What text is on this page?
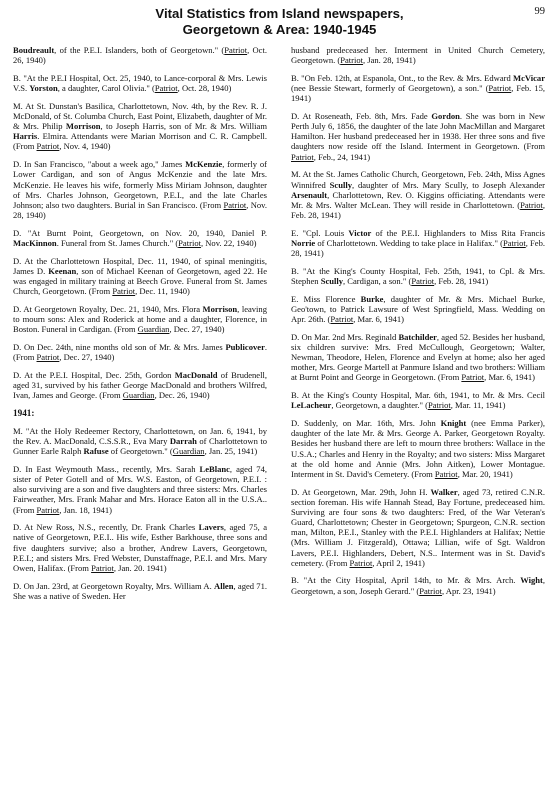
99
Vital Statistics from Island newspapers,
Georgetown & Area: 1940-1945

Boudreault, of the P.E.I. Islanders, both of Georgetown." (Patriot, Oct. 26, 1940)

B. "At the P.E.I Hospital, Oct. 25, 1940, to Lance-corporal & Mrs. Lewis V.S. Yorston, a daughter, Carol Olivia." (Patriot, Oct. 28, 1940)

M. At St. Dunstan's Basilica, Charlottetown, Nov. 4th, by the Rev. R. J. McDonald, of St. Columba Church, East Point, Elizabeth, daughter of Mr. & Mrs. Philip Morrison, to Joseph Harris, son of Mr. & Mrs. William Harris. Elmira. Attendants were Marian Morrison and C. R. Campbell. (From Patriot, Nov. 4, 1940)

D. In San Francisco, "about a week ago," James McKenzie, formerly of Lower Cardigan, and son of Angus McKenzie and the late Mrs. McKenzie. He leaves his wife, formerly Miss Miriam Johnson, daughter of Mrs. Charles Johnson, Georgetown, P.E.I., and the late Charles Johnson; also two daughters. Burial in San Francisco. (From Patriot, Nov. 28, 1940)

D. "At Burnt Point, Georgetown, on Nov. 20, 1940, Daniel P. MacKinnon. Funeral from St. James Church." (Patriot, Nov. 22, 1940)

D. At the Charlottetown Hospital, Dec. 11, 1940, of spinal meningitis, James D. Keenan, son of Michael Keenan of Georgetown, aged 22. He was engaged in military training at Beech Grove. Funeral from St. James Church, Georgetown. (From Patriot, Dec. 11, 1940)

D. At Georgetown Royalty, Dec. 21, 1940, Mrs. Flora Morrison, leaving to mourn sons: Alex and Roderick at home and a daughter, Florence, in Boston. Funeral in Cardigan. (From Guardian, Dec. 27, 1940)

D. On Dec. 24th, nine months old son of Mr. & Mrs. James Publicover. (From Patriot, Dec. 27, 1940)

D. At the P.E.I. Hospital, Dec. 25th, Gordon MacDonald of Brudenell, aged 31, survived by his father George MacDonald and brothers Wilfred, Ivan, James and George. (From Guardian, Dec. 26, 1940)

1941:

M. "At the Holy Redeemer Rectory, Charlottetown, on Jan. 6, 1941, by the Rev. A. MacDonald, C.S.S.R., Eva Mary Darrah of Charlottetown to Gunner Earle Ralph Rafuse of Georgetown." (Guardian, Jan. 25, 1941)

D. In East Weymouth Mass., recently, Mrs. Sarah LeBlanc, aged 74, sister of Peter Gotell and of Mrs. W.S. Easton, of Georgetown, P.E.I. : also surviving are a son and five daughters and three sisters: Mrs. Charles Fairweather, Mrs. Frank Mahar and Mrs. Horace Eaton all in the U.S.A.. (From Patriot, Jan. 18, 1941)

D. At New Ross, N.S., recently, Dr. Frank Charles Lavers, aged 75, a native of Georgetown, P.E.I.. His wife, Esther Barkhouse, three sons and five daughters survive; also a brother, Andrew Lavers, Georgetown, P.E.I.; and sisters Mrs. Fred Webster, Dunstaffnage, P.E.I. and Mrs. Mary Owen, Halifax. (From Patriot, Jan. 20. 1941)

D. On Jan. 23rd, at Georgetown Royalty, Mrs. William A. Allen, aged 71. She was a native of Sweden. Her

husband predeceased her. Interment in United Church Cemetery, Georgetown. (Patriot, Jan. 28, 1941)

B. "On Feb. 12th, at Espanola, Ont., to the Rev. & Mrs. Edward McVicar (nee Bessie Stewart, formerly of Georgetown), a son." (Patriot, Feb. 15, 1941)

D. At Roseneath, Feb. 8th, Mrs. Fade Gordon. She was born in New Perth July 6, 1856, the daughter of the late John MacMillan and Margaret Hamilton. Her husband predeceased her in 1938. Her three sons and five daughters now reside off the Island. Interment in Georgetown. (From Patriot, Feb., 24, 1941)

M. At the St. James Catholic Church, Georgetown, Feb. 24th, Miss Agnes Winnifred Scully, daughter of Mrs. Mary Scully, to Joseph Alexander Arsenault, Charlottetown, Rev. O. Kiggins officiating. Attendants were Mr. & Mrs. Walter McLean. They will reside in Charlottetown. (Patriot, Feb. 28, 1941)

E. "Cpl. Louis Victor of the P.E.I. Highlanders to Miss Rita Francis Norrie of Charlottetown. Wedding to take place in Halifax." (Patriot, Feb. 28, 1941)

B. "At the King's County Hospital, Feb. 25th, 1941, to Cpl. & Mrs. Stephen Scully, Cardigan, a son." (Patriot, Feb. 28, 1941)

E. Miss Florence Burke, daughter of Mr. & Mrs. Michael Burke, Geo'town, to Patrick Lawsure of West Springfield, Mass. Wedding on Apr. 26th. (Patriot, Mar. 6, 1941)

D. On Mar. 2nd Mrs. Reginald Batchilder, aged 52. Besides her husband, six children survive: Mrs. Fred McCullough, Georgetown; Walter, Newman, Theodore, Helen, Florence and Evelyn at home; also her aged mother, Mrs. George Martell at Panmure Island and two brothers: William at Burnt Point and George in Georgetown. (From Patriot, Mar. 6, 1941)

B. At the King's County Hospital, Mar. 6th, 1941, to Mr. & Mrs. Cecil LeLacheur, Georgetown, a daughter." (Patriot, Mar. 11, 1941)

D. Suddenly, on Mar. 16th, Mrs. John Knight (nee Emma Parker), daughter of the late Mr. & Mrs. George A. Parker, Georgetown Royalty. Besides her husband there are left to mourn three brothers: Wallace in the U.S.A.; Charles and Henry in the Royalty; and two sisters: Miss Margaret at the old home and Annie (Mrs. John Aitken), Lower Montague. Interment in St. David's Cemetery. (From Patriot, Mar. 20, 1941)

D. At Georgetown, Mar. 29th, John H. Walker, aged 73, retired C.N.R. section foreman. His wife Hannah Stead, Bay Fortune, predeceased him. Surviving are four sons & two daughters: Fred, of the War Veteran's Guard, Charlottetown; Chester in Georgetown; Spurgeon, C.N.R. section man, Milton, P.E.I., Stanley with the P.E.I. Highlanders at Halifax; Nettie (Mrs. William J. Fitzgerald), Ottawa; Lillian, wife of Sgt. Waldron Lavers, P.E.I. Highlanders, Debert, N.S.. Interment was in St. David's cemetery. (From Patriot, April 2, 1941)

B. "At the City Hospital, April 14th, to Mr. & Mrs. Arch. Wight, Georgetown, a son, Joseph Gerard." (Patriot, Apr. 23, 1941)
